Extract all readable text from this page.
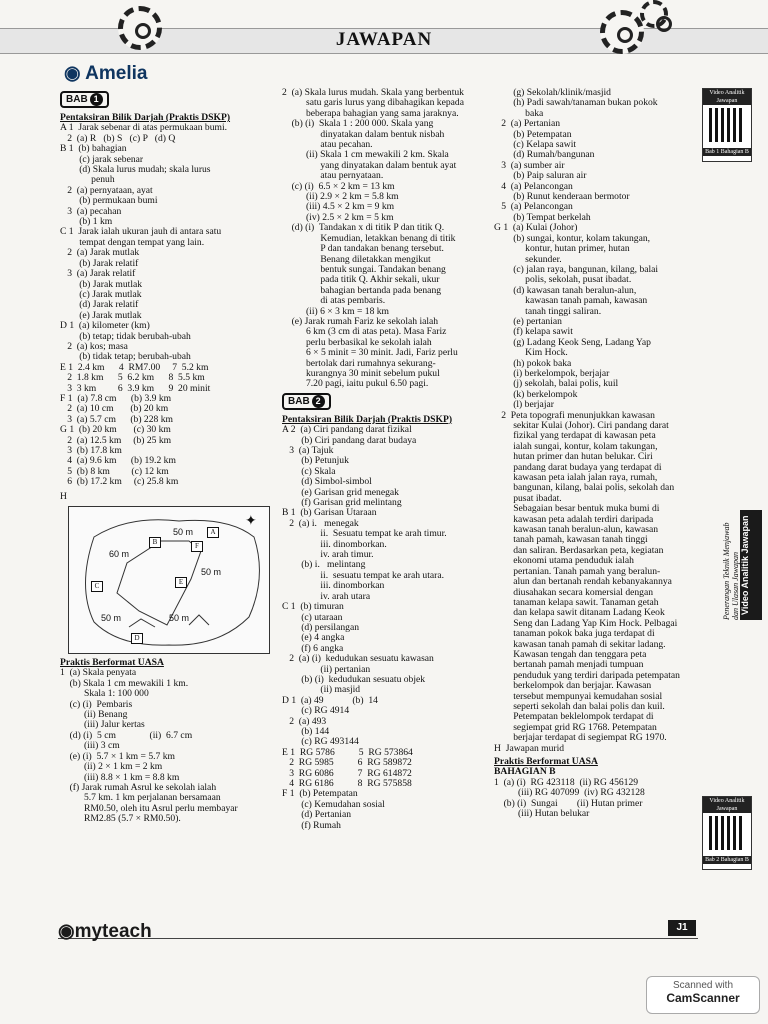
JAWAPAN
◉ Amelia
BAB 1
Pentaksiran Bilik Darjah (Praktis DSKP)
A 1  Jarak sebenar di atas permukaan bumi.
2  (a) R   (b) S   (c) P   (d) Q
B 1  (b) bahagian
(c) jarak sebenar
(d) Skala lurus mudah; skala lurus
penuh
2  (a) pernyataan, ayat
(b) permukaan bumi
3  (a) pecahan
(b) 1 km
C 1  Jarak ialah ukuran jauh di antara satu
tempat dengan tempat yang lain.
2  (a) Jarak mutlak
(b) Jarak relatif
3  (a) Jarak relatif
(b) Jarak mutlak
(c) Jarak mutlak
(d) Jarak relatif
(e) Jarak mutlak
D 1  (a) kilometer (km)
(b) tetap; tidak berubah-ubah
2  (a) kos; masa
(b) tidak tetap; berubah-ubah
E 1  2.4 km      4  RM7.00     7  5.2 km
2  1.8 km      5  6.2 km      8  5.5 km
3  3 km         6  3.9 km      9  20 minit
F 1  (a) 7.8 cm      (b) 3.9 km
2  (a) 10 cm       (b) 20 km
3  (a) 5.7 cm      (b) 228 km
G 1  (b) 20 km       (c) 30 km
2  (a) 12.5 km     (b) 25 km
3  (b) 17.8 km
4  (a) 9.6 km      (b) 19.2 km
5  (b) 8 km         (c) 12 km
6  (b) 17.2 km     (c) 25.8 km
H
50 m
60 m
50 m
50 m	50 m
A
B	F
C	E
D
✦
Praktis Berformat UASA
1  (a) Skala penyata
(b) Skala 1 cm mewakili 1 km.
Skala 1: 100 000
(c) (i)  Pembaris
(ii) Benang
(iii) Jalur kertas
(d) (i)  5 cm              (ii)  6.7 cm
(iii) 3 cm
(e) (i)  5.7 × 1 km = 5.7 km
(ii) 2 × 1 km = 2 km
(iii) 8.8 × 1 km = 8.8 km
(f) Jarak rumah Asrul ke sekolah ialah
5.7 km. 1 km perjalanan bersamaan
RM0.50, oleh itu Asrul perlu membayar
RM2.85 (5.7 × RM0.50).
2  (a) Skala lurus mudah. Skala yang berbentuk
satu garis lurus yang dibahagikan kepada
beberapa bahagian yang sama jaraknya.
(b) (i)  Skala 1 : 200 000. Skala yang
dinyatakan dalam bentuk nisbah
atau pecahan.
(ii) Skala 1 cm mewakili 2 km. Skala
yang dinyatakan dalam bentuk ayat
atau pernyataan.
(c) (i)  6.5 × 2 km = 13 km
(ii) 2.9 × 2 km = 5.8 km
(iii) 4.5 × 2 km = 9 km
(iv) 2.5 × 2 km = 5 km
(d) (i)  Tandakan x di titik P dan titik Q.
Kemudian, letakkan benang di titik
P dan tandakan benang tersebut.
Benang diletakkan mengikut
bentuk sungai. Tandakan benang
pada titik Q. Akhir sekali, ukur
bahagian bertanda pada benang
di atas pembaris.
(ii) 6 × 3 km = 18 km
(e) Jarak rumah Fariz ke sekolah ialah
6 km (3 cm di atas peta). Masa Fariz
perlu berbasikal ke sekolah ialah
6 × 5 minit = 30 minit. Jadi, Fariz perlu
bertolak dari rumahnya sekurang-
kurangnya 30 minit sebelum pukul
7.20 pagi, iaitu pukul 6.50 pagi.
BAB 2
Pentaksiran Bilik Darjah (Praktis DSKP)
A 2  (a) Ciri pandang darat fizikal
(b) Ciri pandang darat budaya
3  (a) Tajuk
(b) Petunjuk
(c) Skala
(d) Simbol-simbol
(e) Garisan grid menegak
(f) Garisan grid melintang
B 1  (b) Garisan Utaraan
2  (a) i.   menegak
ii.  Sesuatu tempat ke arah timur.
iii. dinomborkan.
iv. arah timur.
(b) i.   melintang
ii.  sesuatu tempat ke arah utara.
iii. dinomborkan
iv. arah utara
C 1  (b) timuran
(c) utaraan
(d) persilangan
(e) 4 angka
(f) 6 angka
2  (a) (i)  kedudukan sesuatu kawasan
(ii) pertanian
(b) (i)  kedudukan sesuatu objek
(ii) masjid
D 1  (a) 49            (b)  14
(c) RG 4914
2  (a) 493
(b) 144
(c) RG 493144
E 1  RG 5786          5  RG 573864
2  RG 5985          6  RG 589872
3  RG 6086          7  RG 614872
4  RG 6186          8  RG 575858
F 1  (b) Petempatan
(c) Kemudahan sosial
(d) Pertanian
(f) Rumah
(g) Sekolah/klinik/masjid
(h) Padi sawah/tanaman bukan pokok
baka
2  (a) Pertanian
(b) Petempatan
(c) Kelapa sawit
(d) Rumah/bangunan
3  (a) sumber air
(b) Paip saluran air
4  (a) Pelancongan
(b) Runut kenderaan bermotor
5  (a) Pelancongan
(b) Tempat berkelah
G 1  (a) Kulai (Johor)
(b) sungai, kontur, kolam takungan,
kontur, hutan primer, hutan
sekunder.
(c) jalan raya, bangunan, kilang, balai
polis, sekolah, pusat ibadat.
(d) kawasan tanah beralun-alun,
kawasan tanah pamah, kawasan
tanah tinggi saliran.
(e) pertanian
(f) kelapa sawit
(g) Ladang Keok Seng, Ladang Yap
Kim Hock.
(h) pokok baka
(i) berkelompok, berjajar
(j) sekolah, balai polis, kuil
(k) berkelompok
(l) berjajar
2  Peta topografi menunjukkan kawasan
sekitar Kulai (Johor). Ciri pandang darat
fizikal yang terdapat di kawasan peta
ialah sungai, kontur, kolam takungan,
hutan primer dan hutan belukar. Ciri
pandang darat budaya yang terdapat di
kawasan peta ialah jalan raya, rumah,
bangunan, kilang, balai polis, sekolah dan
pusat ibadat.
Sebagaian besar bentuk muka bumi di
kawasan peta adalah terdiri daripada
kawasan tanah beralun-alun, kawasan
tanah pamah, kawasan tanah tinggi
dan saliran. Berdasarkan peta, kegiatan
ekonomi utama penduduk ialah
pertanian. Tanah pamah yang beralun-
alun dan bertanah rendah kebanyakannya
diusahakan secara komersial dengan
tanaman kelapa sawit. Tanaman getah
dan kelapa sawit ditanam Ladang Keok
Seng dan Ladang Yap Kim Hock. Pelbagai
tanaman pokok baka juga terdapat di
kawasan tanah pamah di sekitar ladang.
Kawasan tengah dan tenggara peta
bertanah pamah menjadi tumpuan
penduduk yang terdiri daripada petempatan
berkelompok dan berjajar. Kawasan
tersebut mempunyai kemudahan sosial
seperti sekolah dan balai polis dan kuil.
Petempatan beklelompok terdapat di
segiempat grid RG 1768. Petempatan
berjajar terdapat di segiempat RG 1970.
H  Jawapan murid
Praktis Berformat UASA
BAHAGIAN B
1  (a) (i)  RG 423118  (ii) RG 456129
(iii) RG 407099  (iv) RG 432128
(b) (i)  Sungai        (ii) Hutan primer
(iii) Hutan belukar
Video Analitik Jawapan
Bab 1 Bahagian B
Video Analitik Jawapan
Bab 2 Bahagian B
Penerangan Teknik Menjawab dan Ulasan Jawapan Video Analitik Jawapan
◉myteach	J1
Scanned with
CamScanner
